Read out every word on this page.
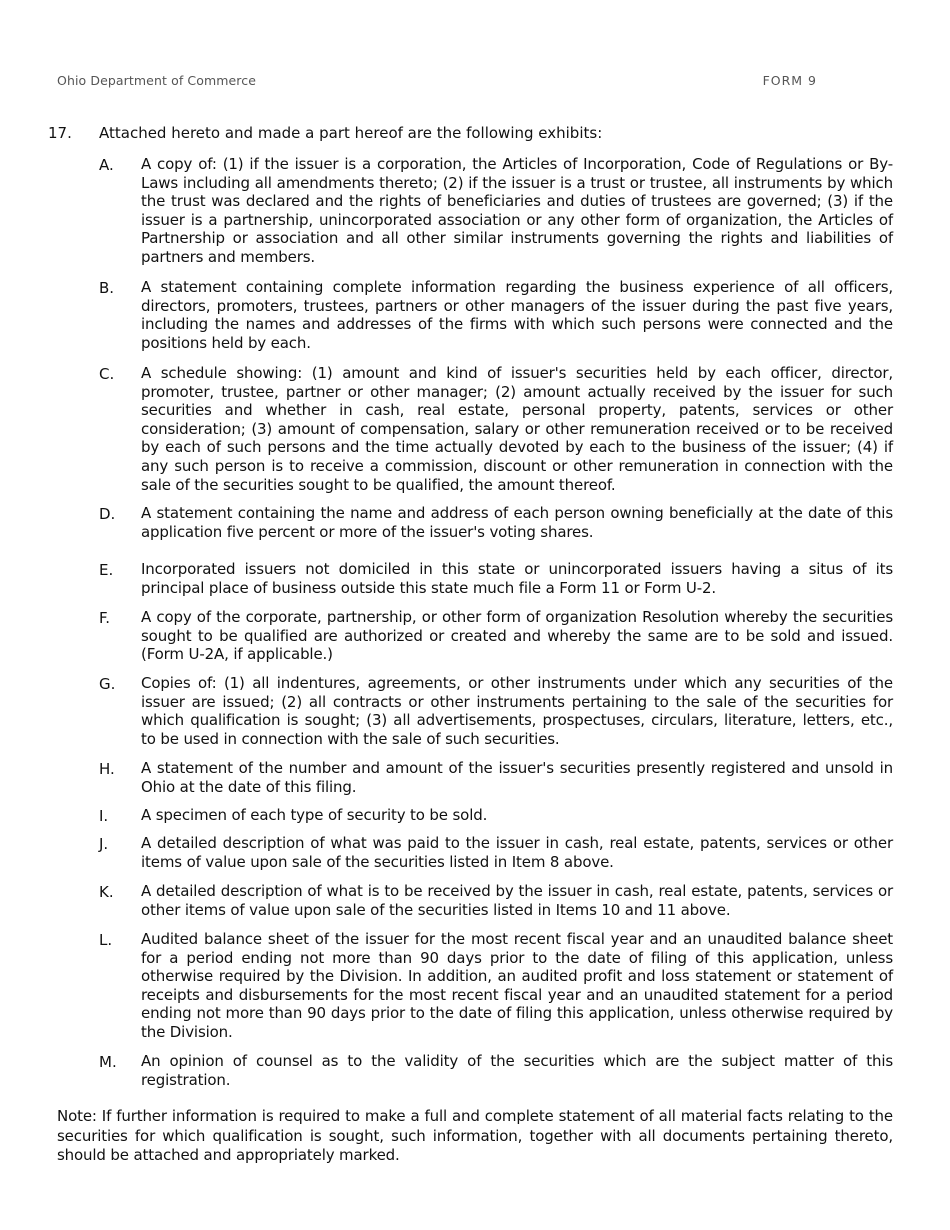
Ohio Department of Commerce	FORM 9
17. Attached hereto and made a part hereof are the following exhibits:
A. A copy of: (1) if the issuer is a corporation, the Articles of Incorporation, Code of Regulations or By-Laws including all amendments thereto; (2) if the issuer is a trust or trustee, all instruments by which the trust was declared and the rights of beneficiaries and duties of trustees are governed; (3) if the issuer is a partnership, unincorporated association or any other form of organization, the Articles of Partnership or association and all other similar instruments governing the rights and liabilities of partners and members.
B. A statement containing complete information regarding the business experience of all officers, directors, promoters, trustees, partners or other managers of the issuer during the past five years, including the names and addresses of the firms with which such persons were connected and the positions held by each.
C. A schedule showing: (1) amount and kind of issuer's securities held by each officer, director, promoter, trustee, partner or other manager; (2) amount actually received by the issuer for such securities and whether in cash, real estate, personal property, patents, services or other consideration; (3) amount of compensation, salary or other remuneration received or to be received by each of such persons and the time actually devoted by each to the business of the issuer; (4) if any such person is to receive a commission, discount or other remuneration in connection with the sale of the securities sought to be qualified, the amount thereof.
D. A statement containing the name and address of each person owning beneficially at the date of this application five percent or more of the issuer's voting shares.
E. Incorporated issuers not domiciled in this state or unincorporated issuers having a situs of its principal place of business outside this state much file a Form 11 or Form U-2.
F. A copy of the corporate, partnership, or other form of organization Resolution whereby the securities sought to be qualified are authorized or created and whereby the same are to be sold and issued. (Form U-2A, if applicable.)
G. Copies of: (1) all indentures, agreements, or other instruments under which any securities of the issuer are issued; (2) all contracts or other instruments pertaining to the sale of the securities for which qualification is sought; (3) all advertisements, prospectuses, circulars, literature, letters, etc., to be used in connection with the sale of such securities.
H. A statement of the number and amount of the issuer's securities presently registered and unsold in Ohio at the date of this filing.
I. A specimen of each type of security to be sold.
J. A detailed description of what was paid to the issuer in cash, real estate, patents, services or other items of value upon sale of the securities listed in Item 8 above.
K. A detailed description of what is to be received by the issuer in cash, real estate, patents, services or other items of value upon sale of the securities listed in Items 10 and 11 above.
L. Audited balance sheet of the issuer for the most recent fiscal year and an unaudited balance sheet for a period ending not more than 90 days prior to the date of filing of this application, unless otherwise required by the Division. In addition, an audited profit and loss statement or statement of receipts and disbursements for the most recent fiscal year and an unaudited statement for a period ending not more than 90 days prior to the date of filing this application, unless otherwise required by the Division.
M. An opinion of counsel as to the validity of the securities which are the subject matter of this registration.
Note: If further information is required to make a full and complete statement of all material facts relating to the securities for which qualification is sought, such information, together with all documents pertaining thereto, should be attached and appropriately marked.
